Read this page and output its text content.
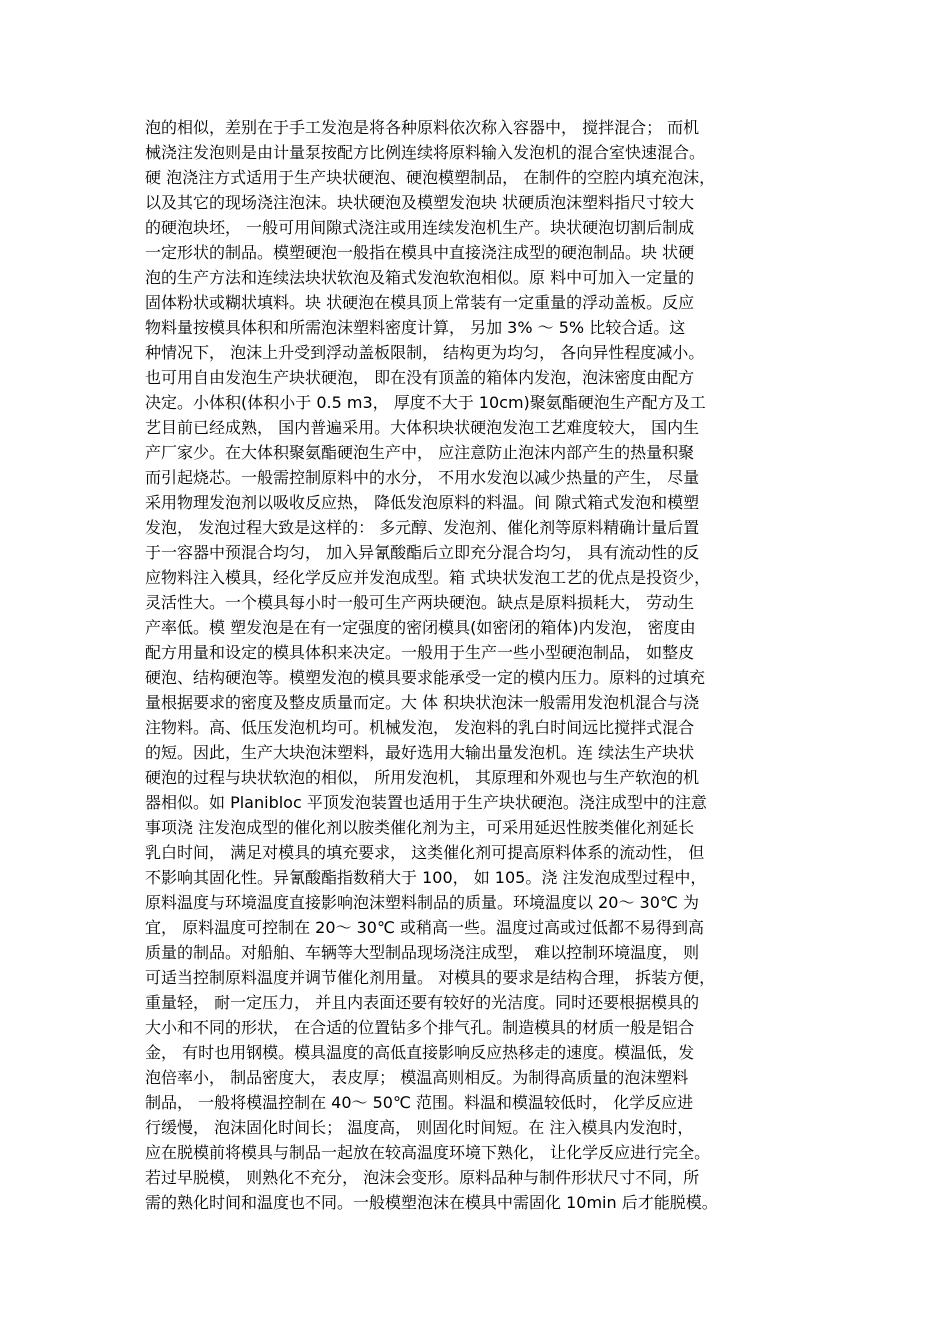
泡的相似，差别在于手工发泡是将各种原料依次称入容器中， 搅拌混合； 而机
械浇注发泡则是由计量泵按配方比例连续将原料输入发泡机的混合室快速混合。
硬 泡浇注方式适用于生产块状硬泡、硬泡模塑制品， 在制件的空腔内填充泡沫，
以及其它的现场浇注泡沫。块状硬泡及模塑发泡块 状硬质泡沫塑料指尺寸较大
的硬泡块坯， 一般可用间隙式浇注或用连续发泡机生产。块状硬泡切割后制成
一定形状的制品。模塑硬泡一般指在模具中直接浇注成型的硬泡制品。块 状硬
泡的生产方法和连续法块状软泡及箱式发泡软泡相似。原 料中可加入一定量的
固体粉状或糊状填料。块 状硬泡在模具顶上常装有一定重量的浮动盖板。反应
物料量按模具体积和所需泡沫塑料密度计算， 另加 3% ～ 5% 比较合适。这
种情况下， 泡沫上升受到浮动盖板限制， 结构更为均匀， 各向异性程度减小。
也可用自由发泡生产块状硬泡， 即在没有顶盖的箱体内发泡，泡沫密度由配方
决定。小体积(体积小于 0.5 m3， 厚度不大于 10cm)聚氨酯硬泡生产配方及工
艺目前已经成熟， 国内普遍采用。大体积块状硬泡发泡工艺难度较大， 国内生
产厂家少。在大体积聚氨酯硬泡生产中， 应注意防止泡沫内部产生的热量积聚
而引起烧芯。一般需控制原料中的水分， 不用水发泡以减少热量的产生， 尽量
采用物理发泡剂以吸收反应热， 降低发泡原料的料温。间 隙式箱式发泡和模塑
发泡， 发泡过程大致是这样的： 多元醇、发泡剂、催化剂等原料精确计量后置
于一容器中预混合均匀， 加入异氰酸酯后立即充分混合均匀， 具有流动性的反
应物料注入模具，经化学反应并发泡成型。箱 式块状发泡工艺的优点是投资少，
灵活性大。一个模具每小时一般可生产两块硬泡。缺点是原料损耗大， 劳动生
产率低。模 塑发泡是在有一定强度的密闭模具(如密闭的箱体)内发泡， 密度由
配方用量和设定的模具体积来决定。一般用于生产一些小型硬泡制品， 如整皮
硬泡、结构硬泡等。模塑发泡的模具要求能承受一定的模内压力。原料的过填充
量根据要求的密度及整皮质量而定。大 体 积块状泡沫一般需用发泡机混合与浇
注物料。高、低压发泡机均可。机械发泡， 发泡料的乳白时间远比搅拌式混合
的短。因此，生产大块泡沫塑料，最好选用大输出量发泡机。连 续法生产块状
硬泡的过程与块状软泡的相似， 所用发泡机， 其原理和外观也与生产软泡的机
器相似。如 Planibloc 平顶发泡装置也适用于生产块状硬泡。浇注成型中的注意
事项浇 注发泡成型的催化剂以胺类催化剂为主，可采用延迟性胺类催化剂延长
乳白时间， 满足对模具的填充要求， 这类催化剂可提高原料体系的流动性， 但
不影响其固化性。异氰酸酯指数稍大于 100， 如 105。浇 注发泡成型过程中，
原料温度与环境温度直接影响泡沫塑料制品的质量。环境温度以 20～ 30℃ 为
宜， 原料温度可控制在 20～ 30℃ 或稍高一些。温度过高或过低都不易得到高
质量的制品。对船舶、车辆等大型制品现场浇注成型， 难以控制环境温度， 则
可适当控制原料温度并调节催化剂用量。 对模具的要求是结构合理， 拆装方便，
重量轻， 耐一定压力， 并且内表面还要有较好的光洁度。同时还要根据模具的
大小和不同的形状， 在合适的位置钻多个排气孔。制造模具的材质一般是铝合
金， 有时也用钢模。模具温度的高低直接影响反应热移走的速度。模温低，发
泡倍率小， 制品密度大， 表皮厚； 模温高则相反。为制得高质量的泡沫塑料
制品， 一般将模温控制在 40～ 50℃ 范围。料温和模温较低时， 化学反应进
行缓慢， 泡沫固化时间长； 温度高， 则固化时间短。在 注入模具内发泡时，
应在脱模前将模具与制品一起放在较高温度环境下熟化， 让化学反应进行完全。
若过早脱模， 则熟化不充分， 泡沫会变形。原料品种与制件形状尺寸不同，所
需的熟化时间和温度也不同。一般模塑泡沫在模具中需固化 10min 后才能脱模。
